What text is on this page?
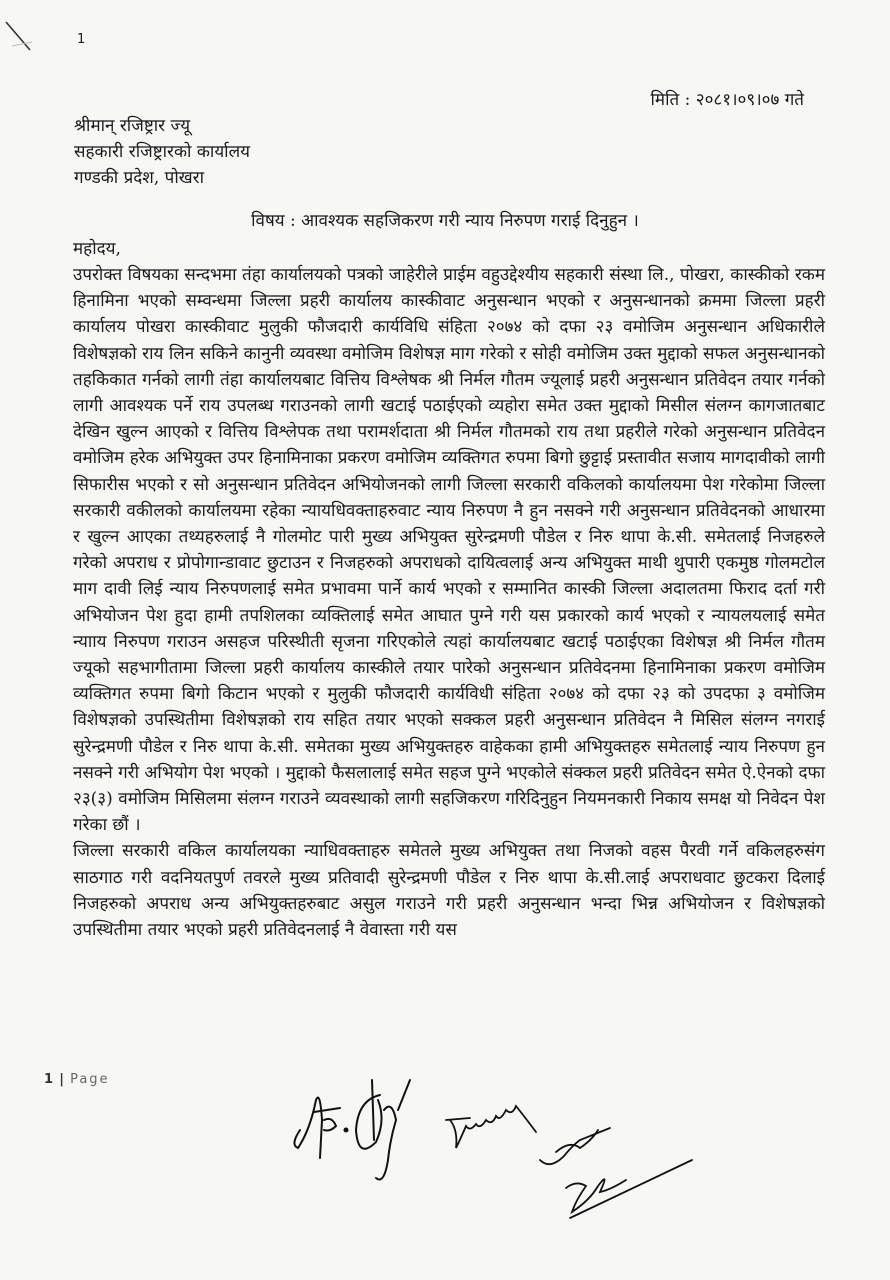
1
मिति : २०८१।०९।०७ गते
श्रीमान् रजिष्ट्रार ज्यू
सहकारी रजिष्ट्रारको कार्यालय
गण्डकी प्रदेश, पोखरा
विषय : आवश्यक सहजिकरण गरी न्याय निरुपण गराई दिनुहुन ।
महोदय,

उपरोक्त विषयका सन्दभमा तंहा कार्यालयको पत्रको जाहेरीले प्राईम वहुउद्देश्यीय सहकारी संस्था लि., पोखरा, कास्कीको रकम हिनामिना भएको सम्वन्धमा जिल्ला प्रहरी कार्यालय कास्कीवाट अनुसन्धान भएको र अनुसन्धानको क्रममा जिल्ला प्रहरी कार्यालय पोखरा कास्कीवाट मुलुकी फौजदारी कार्यविधि संहिता २०७४ को दफा २३ वमोजिम अनुसन्धान अधिकारीले विशेषज्ञको राय लिन सकिने कानुनी व्यवस्था वमोजिम विशेषज्ञ माग गरेको र सोही वमोजिम उक्त मुद्दाको सफल अनुसन्धानको तहकिकात गर्नको लागी तंहा कार्यालयबाट वित्तिय विश्लेषक श्री निर्मल गौतम ज्यूलाई प्रहरी अनुसन्धान प्रतिवेदन तयार गर्नको लागी आवश्यक पर्ने राय उपलब्ध गराउनको लागी खटाई पठाईएको व्यहोरा समेत उक्त मुद्दाको मिसील संलग्न कागजातबाट देखिन खुल्न आएको र वित्तिय विश्लेपक तथा परामर्शदाता श्री निर्मल गौतमको राय तथा प्रहरीले गरेको अनुसन्धान प्रतिवेदन वमोजिम हरेक अभियुक्त उपर हिनामिनाका प्रकरण वमोजिम व्यक्तिगत रुपमा बिगो छुट्टाई प्रस्तावीत सजाय मागदावीको लागी सिफारीस भएको र सो अनुसन्धान प्रतिवेदन अभियोजनको लागी जिल्ला सरकारी वकिलको कार्यालयमा पेश गरेकोमा जिल्ला सरकारी वकीलको कार्यालयमा रहेका न्यायधिवक्ताहरुवाट न्याय निरुपण नै हुन नसक्ने गरी अनुसन्धान प्रतिवेदनको आधारमा र खुल्न आएका तथ्यहरुलाई नै गोलमोट पारी मुख्य अभियुक्त सुरेन्द्रमणी पौडेल र निरु थापा के.सी. समेतलाई निजहरुले गरेको अपराध र प्रोपोगान्डावाट छुटाउन र निजहरुको अपराधको दायित्वलाई अन्य अभियुक्त माथी थुपारी एकमुष्ठ गोलमटोल माग दावी लिई न्याय निरुपणलाई समेत प्रभावमा पार्ने कार्य भएको र सम्मानित कास्की जिल्ला अदालतमा फिराद दर्ता गरी अभियोजन पेश हुदा हामी तपशिलका व्यक्तिलाई समेत आघात पुग्ने गरी यस प्रकारको कार्य भएको र न्यायलयलाई समेत न्यााय निरुपण गराउन असहज परिस्थीती सृजना गरिएकोले त्यहां कार्यालयबाट खटाई पठाईएका विशेषज्ञ श्री निर्मल गौतम ज्यूको सहभागीतामा जिल्ला प्रहरी कार्यालय कास्कीले तयार पारेको अनुसन्धान प्रतिवेदनमा हिनामिनाका प्रकरण वमोजिम व्यक्तिगत रुपमा बिगो किटान भएको र मुलुकी फौजदारी कार्यविधी संहिता २०७४ को दफा २३ को उपदफा ३ वमोजिम विशेषज्ञको उपस्थितीमा विशेषज्ञको राय सहित तयार भएको सक्कल प्रहरी अनुसन्धान प्रतिवेदन नै मिसिल संलग्न नगराई सुरेन्द्रमणी पौडेल र निरु थापा के.सी. समेतका मुख्य अभियुक्तहरु वाहेकका हामी अभियुक्तहरु समेतलाई न्याय निरुपण हुन नसक्ने गरी अभियोग पेश भएको । मुद्दाको फैसलालाई समेत सहज पुग्ने भएकोले संक्कल प्रहरी प्रतिवेदन समेत ऐ.ऐनको दफा २३(३) वमोजिम मिसिलमा संलग्न गराउने व्यवस्थाको लागी सहजिकरण गरिदिनुहुन नियमनकारी निकाय समक्ष यो निवेदन पेश गरेका छौं ।

जिल्ला सरकारी वकिल कार्यालयका न्याधिवक्ताहरु समेतले मुख्य अभियुक्त तथा निजको वहस पैरवी गर्ने वकिलहरुसंग साठगाठ गरी वदनियतपुर्ण तवरले मुख्य प्रतिवादी सुरेन्द्रमणी पौडेल र निरु थापा के.सी.लाई अपराधवाट छुटकरा दिलाई निजहरुको अपराध अन्य अभियुक्तहरुबाट असुल गराउने गरी प्रहरी अनुसन्धान भन्दा भिन्न अभियोजन र विशेषज्ञको उपस्थितीमा तयार भएको प्रहरी प्रतिवेदनलाई नै वेवास्ता गरी यस

1 | Page
